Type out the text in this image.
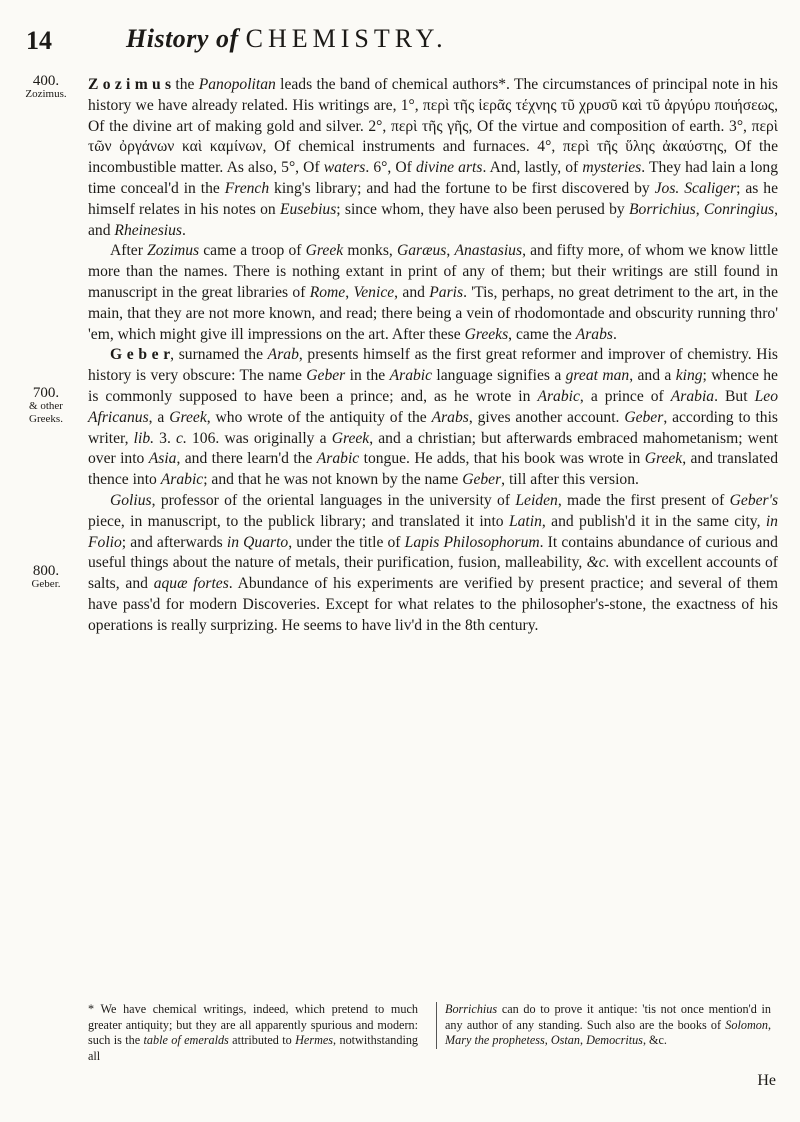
14	History of CHEMISTRY.
400.
Zozimus.
700.
& other Greeks.
800.
Geber.

Z o z i m u s the Panopolitan leads the band of chemical authors*. The circumstances of principal note in his history we have already related. His writings are, 1°, περὶ τῆς ἱερᾶς τέχνης τῦ χρυσῦ καὶ τῦ ἀργύρυ ποιήσεως, Of the divine art of making gold and silver. 2°, περὶ τῆς γῆς, Of the virtue and composition of earth. 3°, περὶ τῶν ὀργάνων καὶ καμίνων, Of chemical instruments and furnaces. 4°, περὶ τῆς ὕλης ἀκαύστης, Of the incombustible matter. As also, 5°, Of waters. 6°, Of divine arts. And, lastly, of mysteries. They had lain a long time conceal'd in the French king's library; and had the fortune to be first discovered by Jos. Scaliger; as he himself relates in his notes on Eusebius; since whom, they have also been perused by Borrichius, Conringius, and Rheinesius.

After Zozimus came a troop of Greek monks, Garæus, Anastasius, and fifty more, of whom we know little more than the names. There is nothing extant in print of any of them; but their writings are still found in manuscript in the great libraries of Rome, Venice, and Paris. 'Tis, perhaps, no great detriment to the art, in the main, that they are not more known, and read; there being a vein of rhodomontade and obscurity running thro' 'em, which might give ill impressions on the art. After these Greeks, came the Arabs.

G e b e r, surnamed the Arab, presents himself as the first great reformer and improver of chemistry. His history is very obscure: The name Geber in the Arabic language signifies a great man, and a king; whence he is commonly supposed to have been a prince; and, as he wrote in Arabic, a prince of Arabia. But Leo Africanus, a Greek, who wrote of the antiquity of the Arabs, gives another account. Geber, according to this writer, lib. 3. c. 106. was originally a Greek, and a christian; but afterwards embraced mahometanism; went over into Asia, and there learn'd the Arabic tongue. He adds, that his book was wrote in Greek, and translated thence into Arabic; and that he was not known by the name Geber, till after this version.

Golius, professor of the oriental languages in the university of Leiden, made the first present of Geber's piece, in manuscript, to the publick library; and translated it into Latin, and publish'd it in the same city, in Folio; and afterwards in Quarto, under the title of Lapis Philosophorum. It contains abundance of curious and useful things about the nature of metals, their purification, fusion, malleability, &c. with excellent accounts of salts, and aquæ fortes. Abundance of his experiments are verified by present practice; and several of them have pass'd for modern Discoveries. Except for what relates to the philosopher's-stone, the exactness of his operations is really surprizing. He seems to have liv'd in the 8th century.

* We have chemical writings, indeed, which pretend to much greater antiquity; but they are all apparently spurious and modern: such is the table of emeralds attributed to Hermes, notwithstanding all
Borrichius can do to prove it antique: 'tis not once mention'd in any author of any standing. Such also are the books of Solomon, Mary the prophetess, Ostan, Democritus, &c.
He
